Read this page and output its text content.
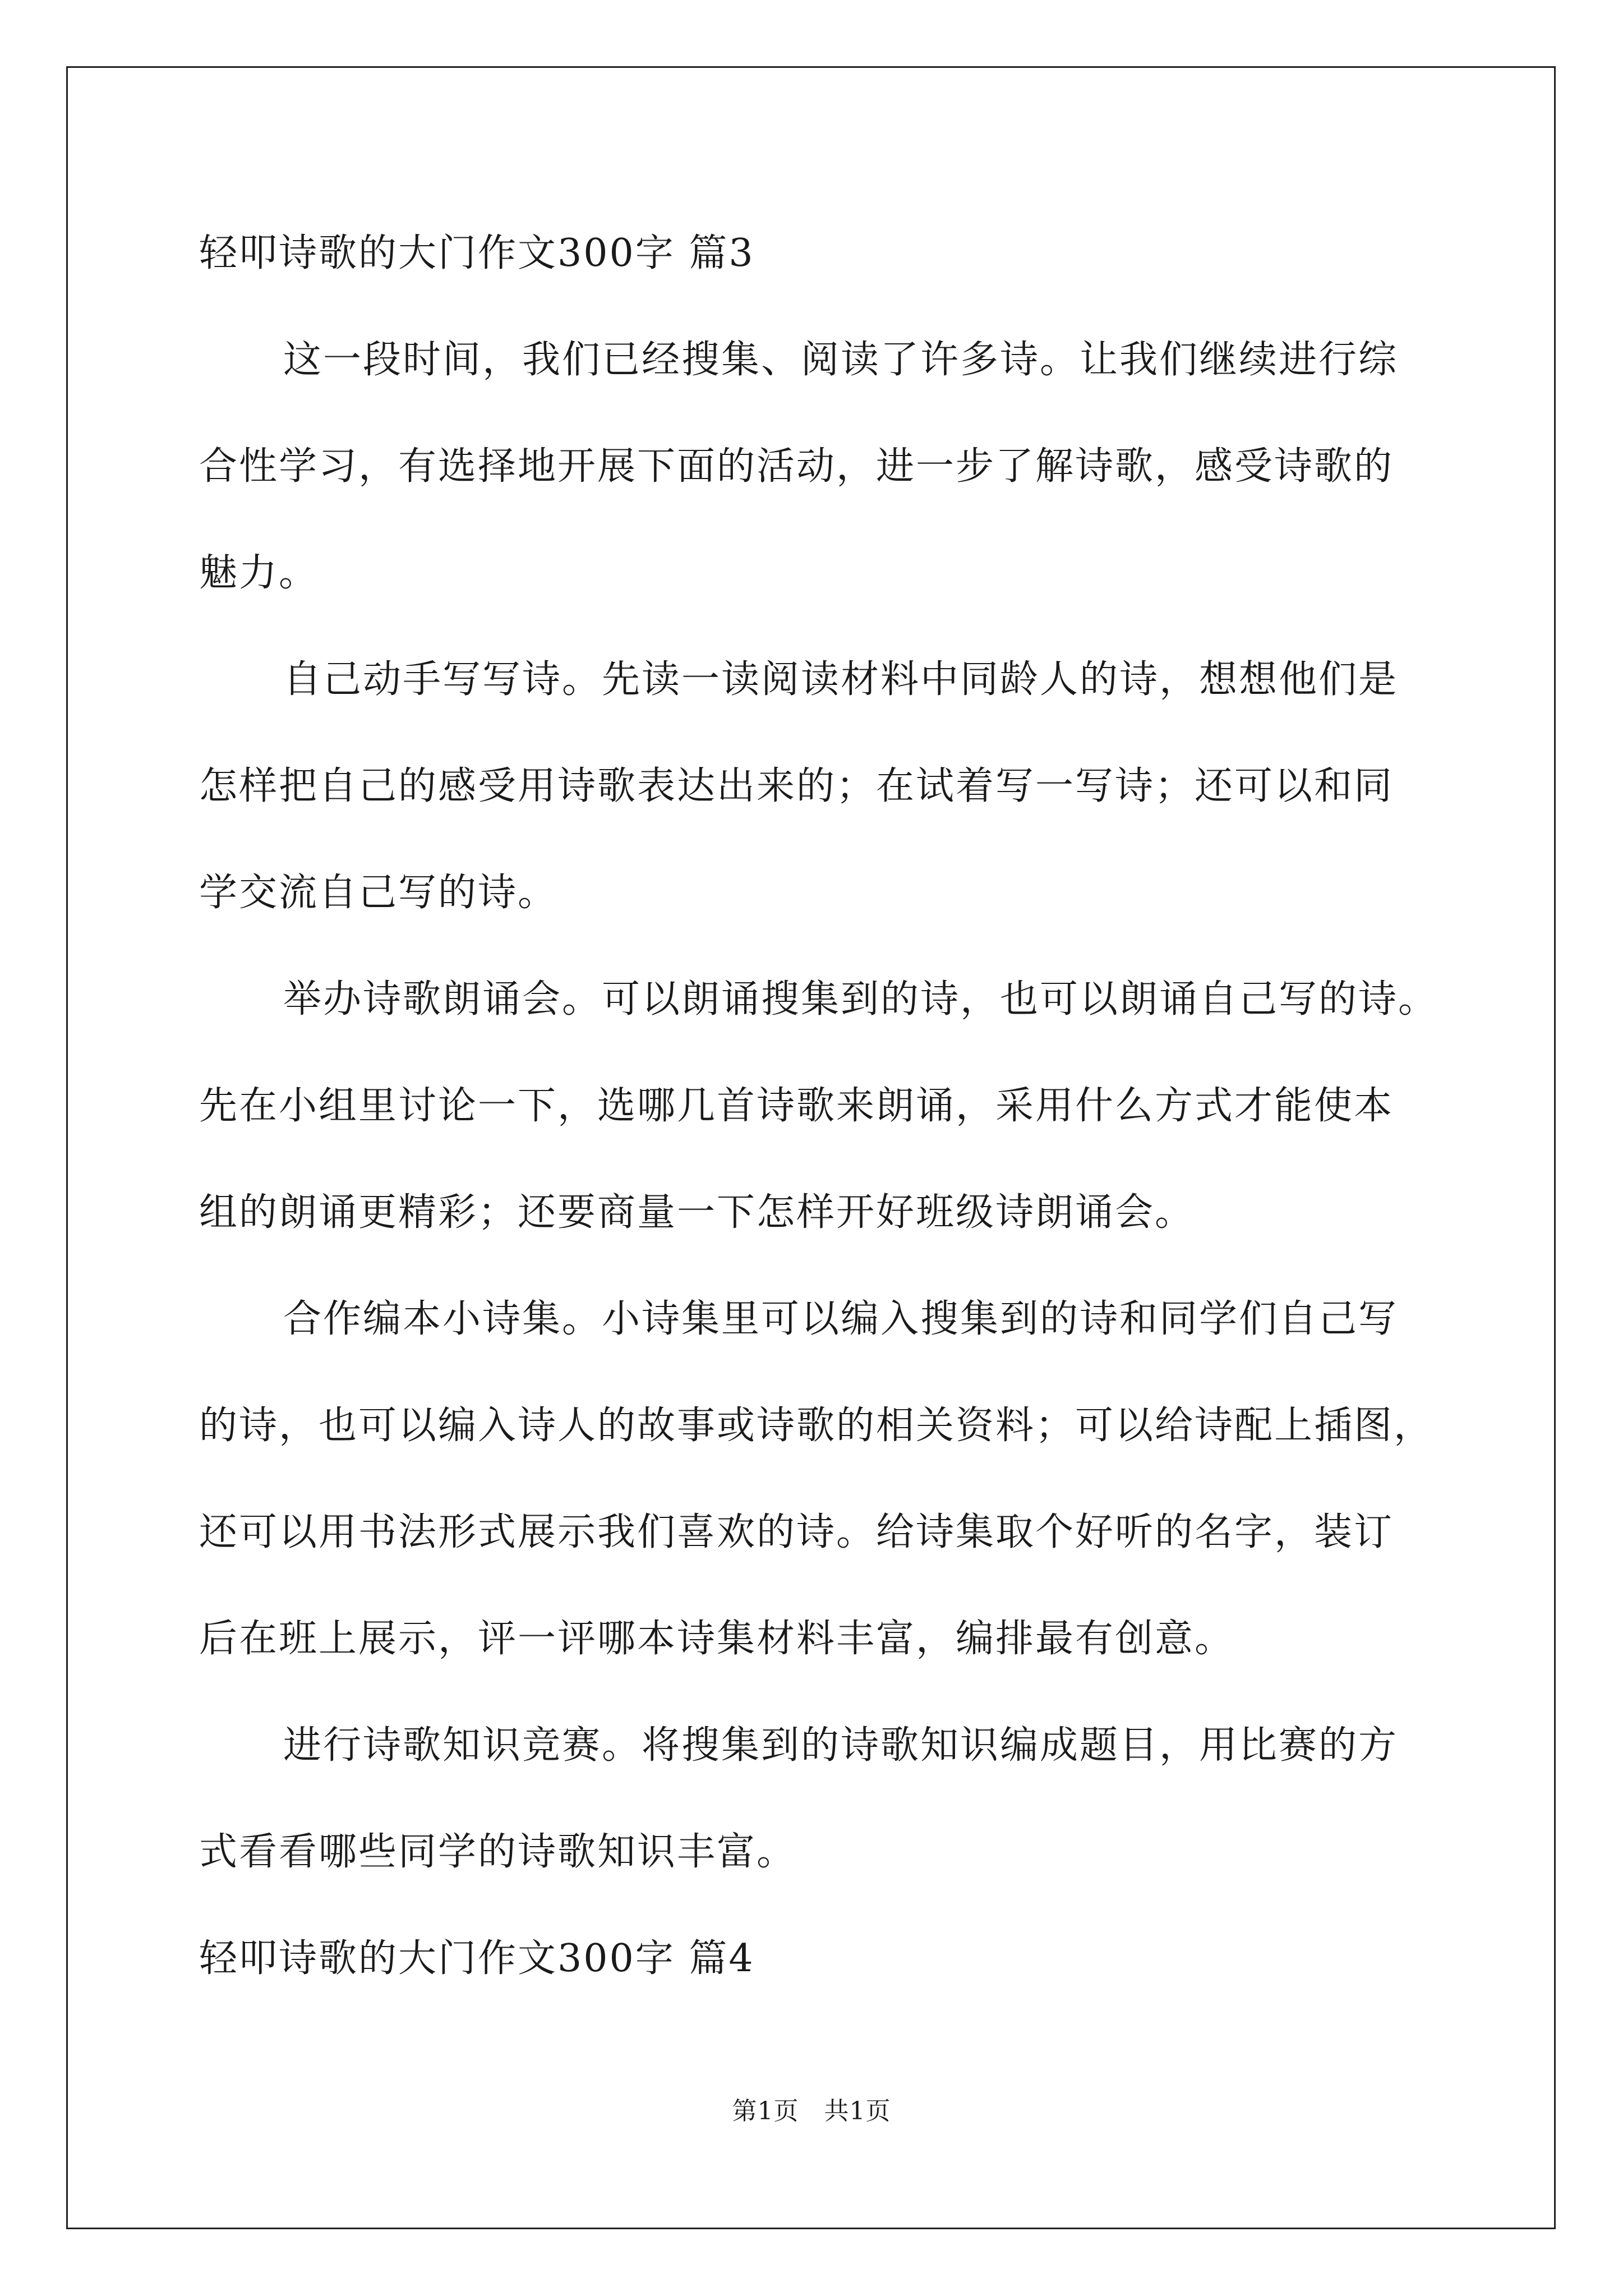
轻叩诗歌的大门作文300字 篇3
这一段时间，我们已经搜集、阅读了许多诗。让我们继续进行综
合性学习，有选择地开展下面的活动，进一步了解诗歌，感受诗歌的
魅力。
自己动手写写诗。先读一读阅读材料中同龄人的诗，想想他们是
怎样把自己的感受用诗歌表达出来的；在试着写一写诗；还可以和同
学交流自己写的诗。
举办诗歌朗诵会。可以朗诵搜集到的诗，也可以朗诵自己写的诗。
先在小组里讨论一下，选哪几首诗歌来朗诵，采用什么方式才能使本
组的朗诵更精彩；还要商量一下怎样开好班级诗朗诵会。
合作编本小诗集。小诗集里可以编入搜集到的诗和同学们自己写
的诗，也可以编入诗人的故事或诗歌的相关资料；可以给诗配上插图，
还可以用书法形式展示我们喜欢的诗。给诗集取个好听的名字，装订
后在班上展示，评一评哪本诗集材料丰富，编排最有创意。
进行诗歌知识竞赛。将搜集到的诗歌知识编成题目，用比赛的方
式看看哪些同学的诗歌知识丰富。
轻叩诗歌的大门作文300字 篇4
第1页　共1页
